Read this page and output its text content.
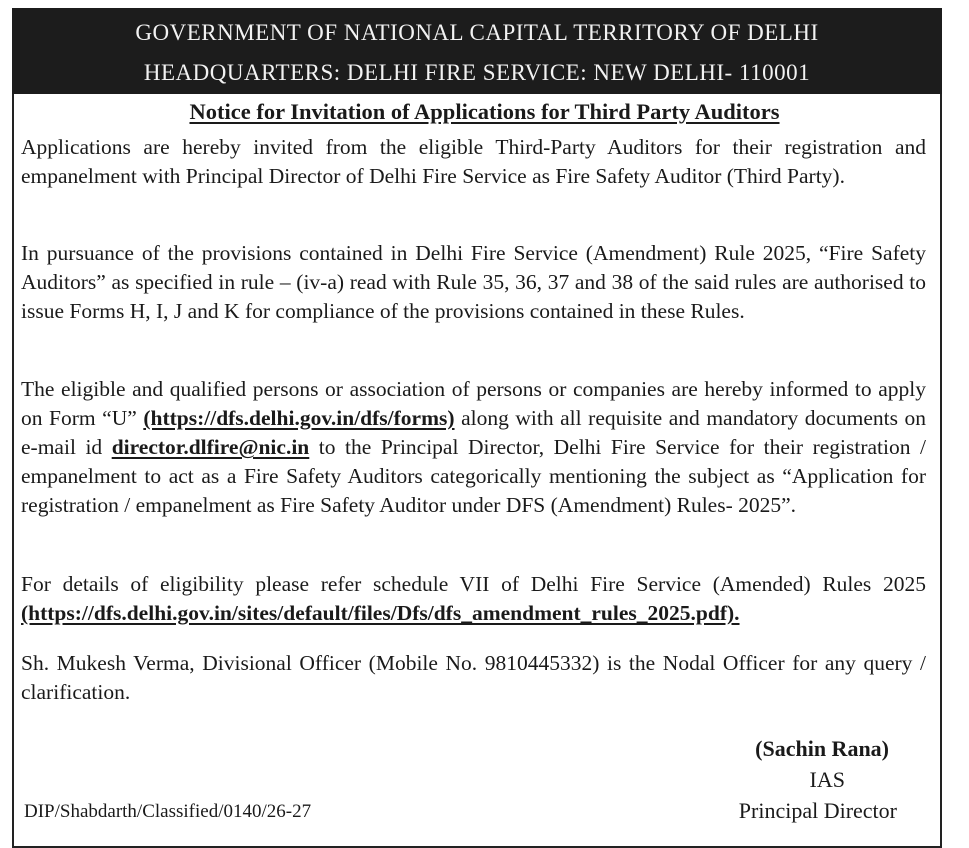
GOVERNMENT OF NATIONAL CAPITAL TERRITORY OF DELHI
HEADQUARTERS: DELHI FIRE SERVICE: NEW DELHI- 110001
Notice for Invitation of Applications for Third Party Auditors

Applications are hereby invited from the eligible Third-Party Auditors for their registration and empanelment with Principal Director of Delhi Fire Service as Fire Safety Auditor (Third Party).

In pursuance of the provisions contained in Delhi Fire Service (Amendment) Rule 2025, “Fire Safety Auditors” as specified in rule – (iv-a) read with Rule 35, 36, 37 and 38 of the said rules are authorised to issue Forms H, I, J and K for compliance of the provisions contained in these Rules.

The eligible and qualified persons or association of persons or companies are hereby informed to apply on Form “U” (https://dfs.delhi.gov.in/dfs/forms) along with all requisite and mandatory documents on e-mail id director.dlfire@nic.in to the Principal Director, Delhi Fire Service for their registration / empanelment to act as a Fire Safety Auditors categorically mentioning the subject as “Application for registration / empanelment as Fire Safety Auditor under DFS (Amendment) Rules- 2025”.

For details of eligibility please refer schedule VII of Delhi Fire Service (Amended) Rules 2025 (https://dfs.delhi.gov.in/sites/default/files/Dfs/dfs_amendment_rules_2025.pdf).

Sh. Mukesh Verma, Divisional Officer (Mobile No. 9810445332) is the Nodal Officer for any query / clarification.

(Sachin Rana)
IAS
Principal Director
DIP/Shabdarth/Classified/0140/26-27
